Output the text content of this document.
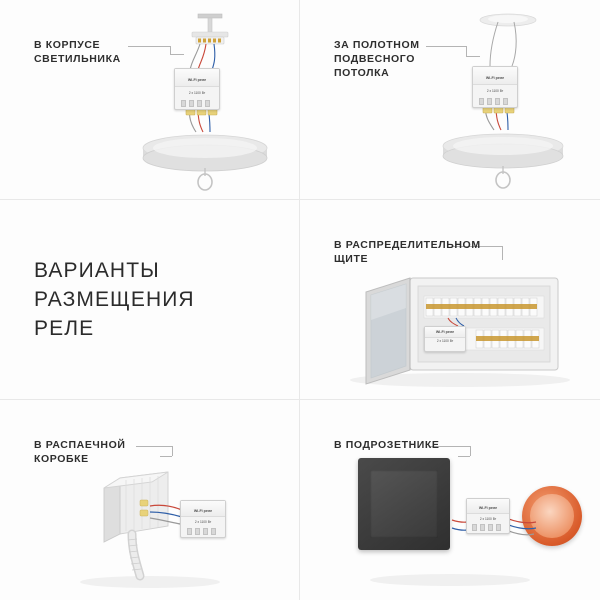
В КОРПУСЕ
СВЕТИЛЬНИКА
Wi-Fi реле
2 x 1100 Вт
ЗА ПОЛОТНОМ
ПОДВЕСНОГО
ПОТОЛКА	Wi-Fi реле
2 x 1100 Вт
ВАРИАНТЫ
РАЗМЕЩЕНИЯ
РЕЛЕ
В РАСПРЕДЕЛИТЕЛЬНОМ
ЩИТЕ
Wi-Fi реле
2 x 1100 Вт
В РАСПАЕЧНОЙ
КОРОБКЕ
Wi-Fi реле
2 x 1100 Вт
В ПОДРОЗЕТНИКЕ
Wi-Fi реле
2 x 1100 Вт
